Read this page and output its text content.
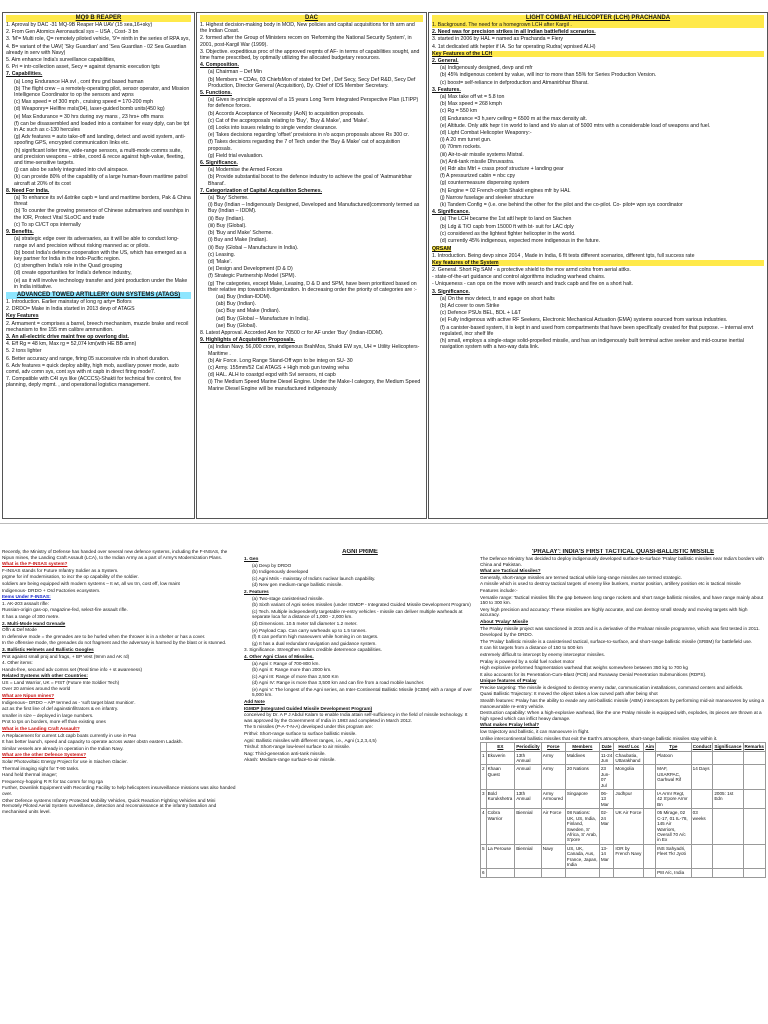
MQ9 B REAPER

1. Aproval by DAC -31 MQ-9B Reaper HA UAV (15 sea,16+sky)

2. From Gen Atomics Aeronautical sys – USA , Cost- 3 bn

3. 'M'= Multi role, Q= remotely piloted vehicle, '9'= ninth in the series of RPA sys,

4. B= variant of the UAV( 'Sky Guardian' and 'Sea Guardian - 02 Sea Guardian already in serv with Navy)

5. Aim enhance India's surveillance capabilities,

6. Pri = intr-collection asset, Secy = against dynamic execution tgts

7. Capabilities.

(a) Long Endurance HA svl , cont thru gnd based human

(b) The flight crew – a remotely-operating pilot, sensor operator, and Mission Intelligence Coordinator to op the sensors and wpns

(c) Max speed = of 300 mph , cruising speed = 170-200 mph

(d) Weaponry= Hellfire msls(04), laser-guided bomb units(450 kg)

(e) Max Endurance = 30 hrs during svy mans , 23 hrs+ offn mans

(f) can be disassembled and loaded into a container for easy dply, can be tpt in Ac such as c-130 hercules

(g) Adv features = auto take-off and landing, detect and avoid system, anti-spoofing GPS, encrypted communication links etc.

(h) significant loiter time, wide-range sensors, a multi-mode comms suite, and precision weapons – strike, coord & recce against high-value, fleeting, and time-sensitive targets.

(j) can also be safely integrated into civil airspace.

(k) can provide 80% of the capability of a large human-flown maritime patrol aircraft at 20% of its cost

8. Need For India.

(a) To enhance its svl &strike capb = land and maritime borders, Pak & China threat

(b) To counter the growing presence of Chinese submarines and warships in the IOR, Protect Vital SLoOC and trade

(c) To sp CI/CT ops internally

9. Benefits.

(a) strategic edge over its adversaries, as it will be able to conduct long-range svl and precision without risking manned ac or pilots.

(b) boost India's defence cooperation with the US, which has emerged as a key partner for India in the Indo-Pacific region.

(c) strengthen India's role in the Quad grouping

(d) create opportunities for India's defence industry,

(e) as it will involve technology transfer and joint production under the Make in India initiative.

ADVANCED TOWED ARTILLERY GUN SYSTEMS (ATAGS)

1. Introduction. Earlier mainstay of long rg arty= Bofors

2. DRDO= Make in India started in 2013 devp of ATAGS

Key Features

2. Armament = comprises a barrel, breech mechanism, muzzle brake and recoil mechanism to fire 155 mm calibre ammunition.

3. An all-electric drive maint free op overlong dist.

4. Eff Rg = 48 km, Max rg = 52,074 km(with HE BB amn)

5. 2 tons lighter

6. Better accuracy and range, firing 05 successive rds in short duration.

6. Adv features = quick deploy ability, high mob, auxiliary power mode, auto comd, adv comn sys, cont sys with nt capb in direct firing mode7.

7. Compatible with C4I sys like (ACCCS)-Shakti for technical fire control, fire planning, deply mgmt. , and operational logistics management.

DAC

1. Highest decision-making body in MOD, New policies and capital acquisitions for th arm and the Indian Coast.

2. formed after the Group of Ministers recom on 'Reforming the National Security System', in 2001, post-Kargil War (1999).

3. Objective. expeditious proc of the approved reqmts of AF- in terms of capabilities sought, and time frame prescribed, by optimally utilizing the allocated budgetary resources.

4. Composition.

(a) Chairman – Def Min

(b) Members = CDAs, 03 ChiefsMon of stated for Def , Def Secy, Secy Def R&D, Secy Def Production, Director General (Acquisition), Dy. Chief of IDS Member Secretary.

5. Functions.

(a) Gives in-principle approval of a 15 years Long Term Integrated Perspective Plan (LTIPP) for defence forces.

(b) Accords Acceptance of Necessity (AoN) to acquisition proposals.

(c) Cat of the acqproposals relating to 'Buy', 'Buy & Make', and 'Make'.

(d) Looks into issues relating to single vendor clearance.

(e) Takes decisions regarding 'offset' provisions in r/o acqsn proposals above Rs 300 cr.

(f) Takes decisions regarding the 7 of Tech under the 'Buy & Make' cat of acquisition proposals.

(g) Field trial evaluation.

6. Significance.

(a) Modernise the Armed Forces

(b) Provide substantial boost to the defence industry to achieve the goal of 'Aatmanirbhar Bharat'.

7. Categorization of Capital Acquisition Schemes.

(a) 'Buy' Scheme.

(i) Buy (Indian – Indigenously Designed, Developed and Manufactured(commonly termed as Buy (Indian – IDDM).

(ii) Buy (Indian).

(iii) Buy (Global).

(b) 'Buy and Make' Scheme.

(i) Buy and Make (Indian).

(ii) Buy (Global – Manufacture in India).

(c) Leasing.

(d) 'Make'.

(e) Design and Development (D & D)

(f) Strategic Partnership Model (SPM).

(g) The categories, except Make, Leasing, D & D and SPM, have been prioritized based on their relative imp towards indigenization. In decreasing order the priority of categories are :-

(aa) Buy (Indian-IDDM).

(ab) Buy (Indian).

(ac) Buy and Make (Indian).

(ad) Buy (Global – Manufacture in India).

(ae) Buy (Global).

8. Latest Approval. Accorded Aon for 70500 cr for AF under 'Buy' (Indian-IDDM).

9. Highlights of Acquisition Proposals.

(a) Indian Navy. 56,000 crore, indigenous BrahMos, Shakti EW sys, UH = Utility Helicopters-Maritime .

(b) Air Force. Long Range Stand-Off wpn to be integ on SU- 30

(c) Army. 155mm/52 Cal ATAGS + High mob gun towing veha

(d) HAL. ALH to coastgd eqpd with Svl sensors, nt capb

(i) The Medium Speed Marine Diesel Engine. Under the Make-I category, the Medium Speed Marine Diesel Engine will be manufactured indigenously

LIGHT COMBAT HELICOPTER (LCH) PRACHANDA

1. Background. The need for a homegrown LCH after Kargil .

2. Need was for precision strikes in all Indian battlefield scenarios.

3. started in 2006 by HAL = named as Prachanda = Fiery

4. 1st dedicated attk hepter if IA. So far operating Rudra( wpnised ALH)

Key Features of the LCH

2. General.

(a) Indigenously designed, devp and mfr

(b) 45% indigenous content by value, will incr to more than 55% for Series Production Version.

(c) boost= self-reliance in defproduction and Atmanirbhar Bharat.

3. Features.

(a) Max take off wt = 5.8 ton

(b) Max speed = 268 kmph

(c) Rg = 550 km

(d) Endurance =3 h,serv ceiling = 6500 m at the max density alt.

(e) Altitude. Only attk hepr t in world to land and t/o alan at of 5000 mtrs with a considerable load of weapons and fuel.

(d) Light Combat Helicopter Weaponry:-

(i) A 20 mm turret gun.

(ii) 70mm rockets.

(iii) Air-to-air missile systems Mistral.

(iv) Anti-tank missile Dhruvastra.

(e) Rdr abs Mtrl + crass proof structure + landing gear

(f) A pressurized cabin = nbc cpy

(g) countermeasure dispensing system

(h) Engine = 02 French-origin Shakti engines mfr by HAL

(j) Narrow fuselage and sleeker structure

(k) Tandem Config = (i.e. one behind the other for the pilot and the co-pilot. Co- pilot= wpn sys coordinator

4. Significance.

(a) The LCH became the 1st attl heptr to land on Siachen

(b) Ldg & T/O capb from 15000 ft with bt- suit for LAC dply

(c) considered as the lightest fighter helicopter in the world.

(d) currently 45% indigenous, expected more indigenous in the future.

QRSAM

1. Introduction. Being devp since 2014 , Made in India, 6 flt tests different scenarios, different tgts, full success rate

Key features of the System

2. General. Short Rg SAM - a protective shield to the mov armd colns from aerial attks.

- state-of-the-art guidance and control algorithms including warhead chains.

- Uniqueness - can ops on the move with search and track capb and fire on a short halt.

3. Significance.

(a) On the mov detect, tr and egage on short halts

(b) Ad cover to own Strike

(c) Defence PSUs BEL, BDL + L&T

(e) Fully indigenous with active RF Seekers, Electronic Mechanical Actuation (EMA) systems sourced from various industries.

(f) a canister-based system, it is kept in and used from compartments that have been specifically created for that purpose. – internal envt regulated, incr shelf life

(h) small, employs a single-stage solid-propelled missile, and has an indigenously built terminal active seeker and mid-course inertial navigation system with a two-way data link.

Recently, the Ministry of Defense has handed over several new defence systems, including the F-INSAS, the Nipun mines, the Landing Craft Assault (LCA), to the Indian Army as a part of Army's Modernization Plans.

What is the F-INSAS system?

F-INSAS stands for Future Infantry Soldier as a System.

prgme for inf modernisation, to incr the op capability of the soldier.

soldiers are being equipped with modern systems – It wt, all wx trn, cost eff, low maint

Indigenous- DRDO + Ord Factories ecosystem.

Items Under F-INSAS:

1. AK-203 assault rifle:

Russian-origin gas-op, magazine-fed, select-fire assault rifle.

It has a range of 300 metre.

2. Multi-Mode Hand Grenade

Offn & Def Mode

In defensive mode = the grenades are to be hurled when the thrower is in a shelter or has a cover.

In the offensive mode, the grenades do not fragment and the adversary is harmed by the blast or is stunned.

3. Ballistic Helmets and Ballistic Googles

Prot against small proj and frags, + BP Vest (9mm and AK rd)

4. Other items:

Hands-free, secured adv comns set (Real time info + st awareness)

Related Systems with other Countries:

US = Land Warrior, UK = FIST (Future Inte Soldier Tech)

Over 20 armies around the world

What are Nipun mines?

Indigenous– DRDO – A/P termed as - 'soft target blast munition'.

act as the first line of def againstinfiltrators & en infantry.

smaller in size – deployed in large numbers.

Prot to tps on borders, more eff than existing ones

What is the Landing Craft Assault?

A Replacement for current Ldt capb boats currently in use in Pao

It has better launch, speed and capacity to operate across water obstn eastern Ladakh.

Similar vessels are already in operation in the Indian Navy.

What are the other Defence Systems?

Solar Photovoltaic Energy Project for use in Siachen Glacier.

Thermal imaging sight for T-90 tanks.

Hand held thermal imager;

Frequency-hopping R R for tac comm for Ing rga

Further, Downlink Equipment with Recording Facility to help helicopters insurveillance missions was also handed over.

Other Defence systems Infantry Protected Mobility Vehicles, Quick Reaction Fighting Vehicles and Mini Remotely Piloted Aerial System surveillance, detection and reconnaissance at the infantry battalion and mechanised units level.

AGNI PRIME

1. Gen

(a) Devp by DRDO

(b) Indigenously developed

(c) Agni Msls - mainstay of India's nuclear launch capability.

(d) New gen medium-range ballistic missile.

2. Features

(a) Two-stage canisterised missile.

(b) Sixth variant of Agni series missiles (under IGMDP - Integrated Guided Missile Development Program)

(c) Tech. Multiple independently targetable re-entry vehicles - missile can deliver multiple warheads at separate loca for a distance of 1,000 - 2,000 km.

(d) Dimensions. 10.5 meter tall diameter 1.2 meter.

(e) Payload Cap. Can carry warheads up to 1.5 tonnes.

(f) It can perform high maneuvers while homing in on targets.

(g) It has a dual redundant navigation and guidance system.

3. Significance. Strengthen India's credible deterrence capabilities.

4. Other Agni Class of Missiles.

(a) Agni I: Range of 700-800 km.

(b) Agni II: Range more than 2000 km.

(c) Agni III: Range of more than 2,500 Km

(d) Agni IV: Range is more than 3,500 km and can fire from a road mobile launcher.

(e) Agni V: The longest of the Agni series, an Inter-Continental Ballistic Missile (ICBM) with a range of over 5,000 km.

Add Note

IGMDP (Integrated Guided Missile Development Program)

conceived by Dr. A P J Abdul Kalam to enable India attain self-sufficiency in the field of missile technology. It was approved by the Government of India in 1983 and completed in March 2012.

The 5 missiles (P-A-T-N-A) developed under this program are:

Prithvi: Short-range surface to surface ballistic missile.

Agni: Ballistic missiles with different ranges, i.e., Agni (1,2,3,4,5)

Trishul: Short-range low-level surface to air missile.

Nag: Third-generation anti-tank missile.

Akash: Medium-range surface-to-air missile.

'PRALAY': INDIA'S FIRST TACTICAL QUASI-BALLISTIC MISSILE

The Defence Ministry has decided to deploy indigenously developed surface-to-surface 'Pralay' ballistic missiles near India's borders with China and Pakistan.

What are Tactical Missiles?

Generally, short-range missiles are termed tactical while long-range missiles are termed strategic.

A missile which is used to destroy tactical targets of enemy like bunkers, mortar position, artillery position etc is tactical missile

Features include:-

Versatile range: Tactical missiles fills the gap between long range rockets and short range ballistic missiles, and have range mainly about 150 to 300 km.

Very high precision and accuracy: These missiles are highly accurate, and can destroy small steady and moving targets with high accuracy.

About 'Pralay' Missile

The Pralay missile project was sanctioned in 2015 and is a derivative of the Prahaar missile programme, which was first tested in 2011.

Developed by the DRDO.

The 'Pralay' ballistic missile is a canisterised tactical, surface-to-surface, and short-range ballistic missile (SRBM) for battlefield use.

It can hit targets from a distance of 150 to 500 km

extremely difficult to intercept by enemy interceptor missiles.

Pralay is powered by a solid fuel rocket motor

High explosive preformed fragmentation warhead that weighs somewhere between 350 kg to 700 kg

It also accounts for its Penetration-Cum-Blast (PCB) and Runaway Denial Penetration Submunitions (RDPS).

Unique features of Pralay

Precise targeting: The missile is designed to destroy enemy radar, communication installations, command centers and airfields.

Quasi Ballistic Trajectory: It moved the object takes a low curved path after being shot

Stealth features: Pralay has the ability to evade any anti-ballistic missile (ABM) interceptors by performing mid-air manoeuvres by using a manoeuvrable re-entry vehicle.

Destruction capability: When a high-explosive warhead, like the one Pralay missile is equipped with, explodes, its pieces are thrown at a high speed which can inflict heavy damage.

What makes Pralay lethal?

low trajectory and ballistic, it can manoeuvre in flight.

Unlike intercontinental ballistic missiles that exit the Earth's atmosphere, short-range ballistic missiles stay within it.

	EX	Periodicity	Force	Members	Date	Host/ Loc	Aim	Tpe	Conduct	Significance	Remarks
1	Ekuverin	13th Annual	Army	Maldives	11-24 Jun	Chaubatia, Uttarakhand		Platoon			
2	Khaan Quest	Annual	Army	20 Nations	23 Jun- 07 Jul	Mongolia		MAF, USARPAC, Garhwal Rif	14 Days		
3	Bold Kurukshetra	13th Annual	Army Armoured	Singapore	06-13 Mar	Jodhpur		IA Armr Regt, 42 S'pore Armr Bn		2005: 1st Edn	
4	Cobra Warrior	Biennial	Air Force	08 Nations: UK, US, India, Finland, Sweden, S' Africa, S' Arab, S'pore	02- 24 Mar	UK Air Force		05 Mirage, 02 C-17, 01 IL-78, 145 Air Warriors, Overall 70 A/c in Ex	03 weeks		
5	La Perouse	Biennial	Navy	US, UK, Canada, Aus, France, Japan, India	13-14 Mar	IOR by French Navy		INS Sahyadri, Fleet Tkr Jyoti			
6								P8I A/c, India			
